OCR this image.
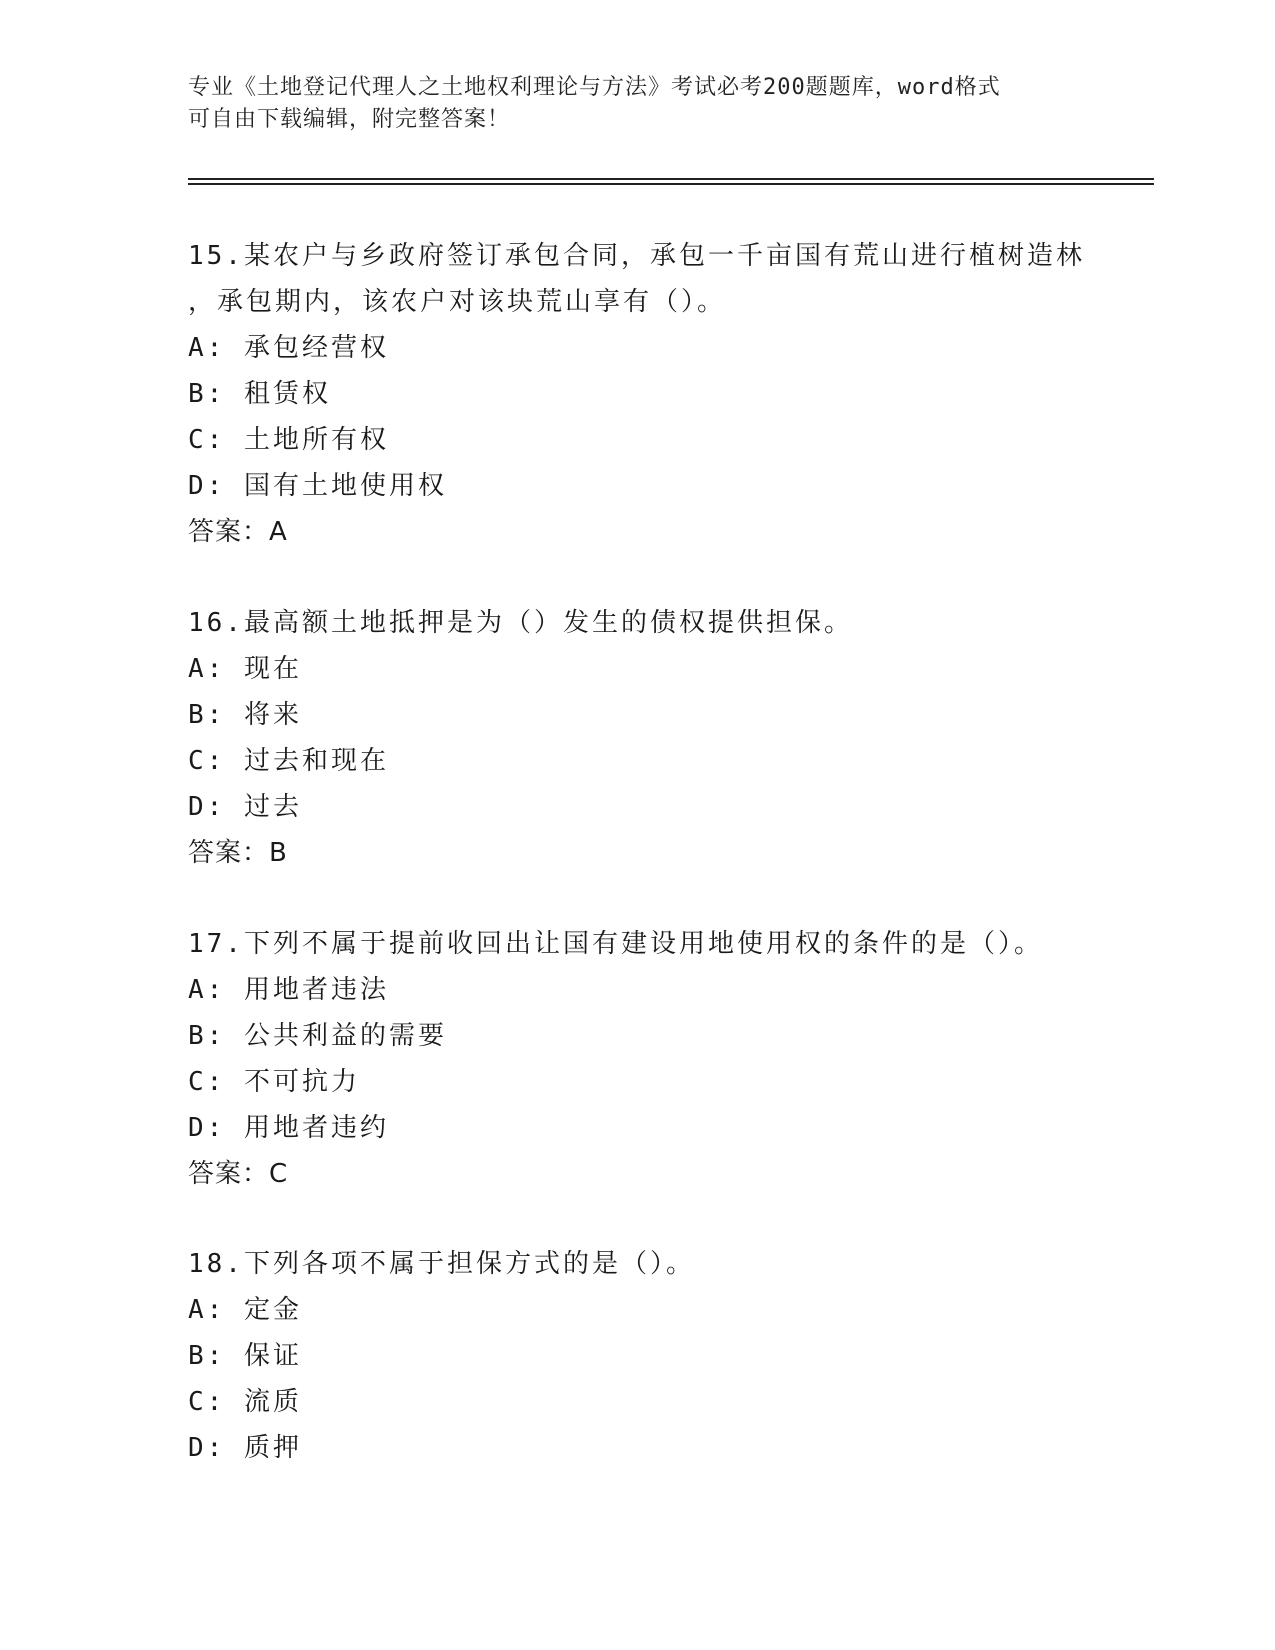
专业《土地登记代理人之土地权利理论与方法》考试必考200题题库，word格式
可自由下载编辑，附完整答案！

15.某农户与乡政府签订承包合同，承包一千亩国有荒山进行植树造林

，承包期内，该农户对该块荒山享有（）。

A: 承包经营权

B: 租赁权

C: 土地所有权

D: 国有土地使用权

答案：A

16.最高额土地抵押是为（）发生的债权提供担保。

A: 现在

B: 将来

C: 过去和现在

D: 过去

答案：B

17.下列不属于提前收回出让国有建设用地使用权的条件的是（）。

A: 用地者违法

B: 公共利益的需要

C: 不可抗力

D: 用地者违约

答案：C

18.下列各项不属于担保方式的是（）。

A: 定金

B: 保证

C: 流质

D: 质押
